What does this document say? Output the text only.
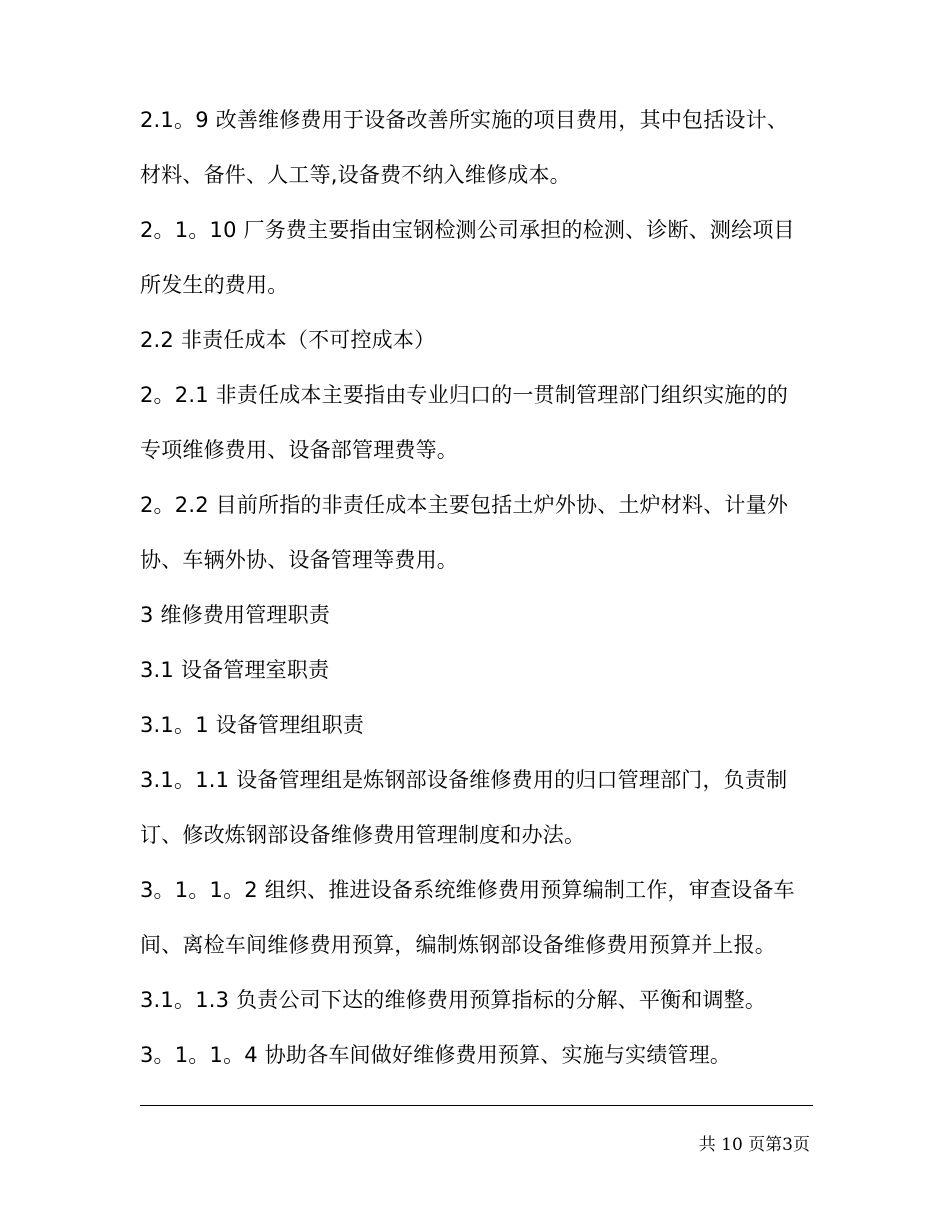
2.1。9 改善维修费用于设备改善所实施的项目费用，其中包括设计、
材料、备件、人工等,设备费不纳入维修成本。
2。1。10 厂务费主要指由宝钢检测公司承担的检测、诊断、测绘项目
所发生的费用。
2.2 非责任成本（不可控成本）
2。2.1 非责任成本主要指由专业归口的一贯制管理部门组织实施的的
专项维修费用、设备部管理费等。
2。2.2 目前所指的非责任成本主要包括土炉外协、土炉材料、计量外
协、车辆外协、设备管理等费用。
3 维修费用管理职责
3.1 设备管理室职责
3.1。1 设备管理组职责
3.1。1.1 设备管理组是炼钢部设备维修费用的归口管理部门，负责制
订、修改炼钢部设备维修费用管理制度和办法。
3。1。1。2 组织、推进设备系统维修费用预算编制工作，审查设备车
间、离检车间维修费用预算，编制炼钢部设备维修费用预算并上报。
3.1。1.3 负责公司下达的维修费用预算指标的分解、平衡和调整。
3。1。1。4 协助各车间做好维修费用预算、实施与实绩管理。
共 10 页第3页
